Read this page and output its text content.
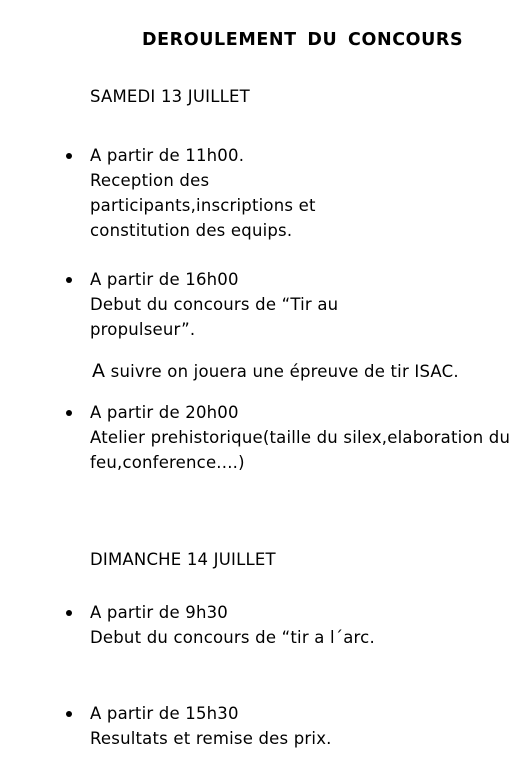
DEROULEMENT DU CONCOURS
SAMEDI 13 JUILLET
A partir de 11h00.
Reception des
participants,inscriptions et
constitution des equips.
A partir de 16h00
Debut du concours de “Tir au
propulseur”.
A suivre on jouera une épreuve de tir ISAC.
A partir de 20h00
Atelier prehistorique(taille du silex,elaboration du
feu,conference....)
DIMANCHE 14 JUILLET
A partir de 9h30
Debut du concours de “tir a l´arc.
A partir de 15h30
Resultats et remise des prix.
